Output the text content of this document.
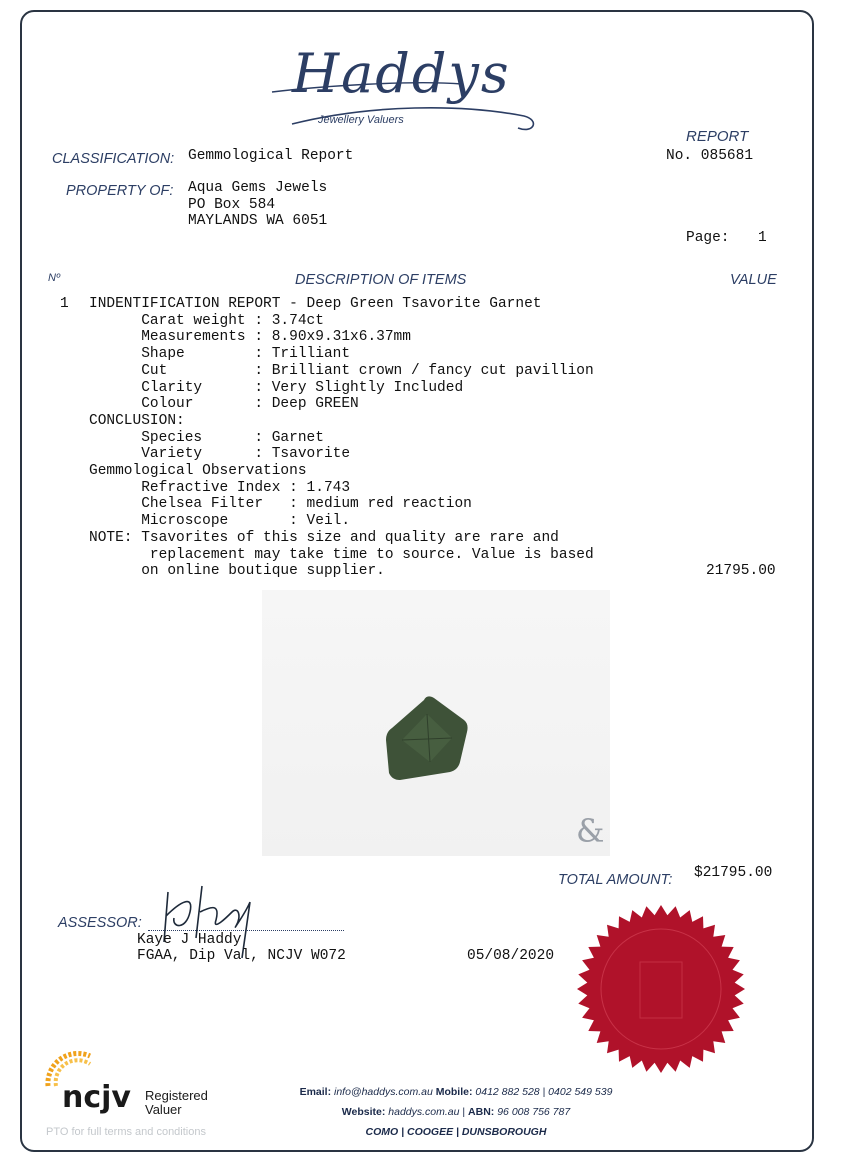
Haddys
Jewellery Valuers
REPORT
No. 085681
CLASSIFICATION: Gemmological Report
PROPERTY OF: Aqua Gems Jewels
PO Box 584
MAYLANDS WA 6051
Page: 1
Nº	DESCRIPTION OF ITEMS	VALUE
1 INDENTIFICATION REPORT - Deep Green Tsavorite Garnet
Carat weight : 3.74ct
Measurements : 8.90x9.31x6.37mm
Shape        : Trilliant
Cut          : Brilliant crown / fancy cut pavillion
Clarity      : Very Slightly Included
Colour       : Deep GREEN
CONCLUSION:
Species      : Garnet
Variety      : Tsavorite
Gemmological Observations
Refractive Index : 1.743
Chelsea Filter   : medium red reaction
Microscope       : Veil.
NOTE: Tsavorites of this size and quality are rare and
replacement may take time to source. Value is based
on online boutique supplier.	21795.00
&
TOTAL AMOUNT: $21795.00
ASSESSOR:
Kaye J Haddy
FGAA, Dip Val, NCJV W072	05/08/2020
ncjv Registered
Valuer
PTO for full terms and conditions
Email: info@haddys.com.au Mobile: 0412 882 528 | 0402 549 539
Website: haddys.com.au | ABN: 96 008 756 787
COMO | COOGEE | DUNSBOROUGH
